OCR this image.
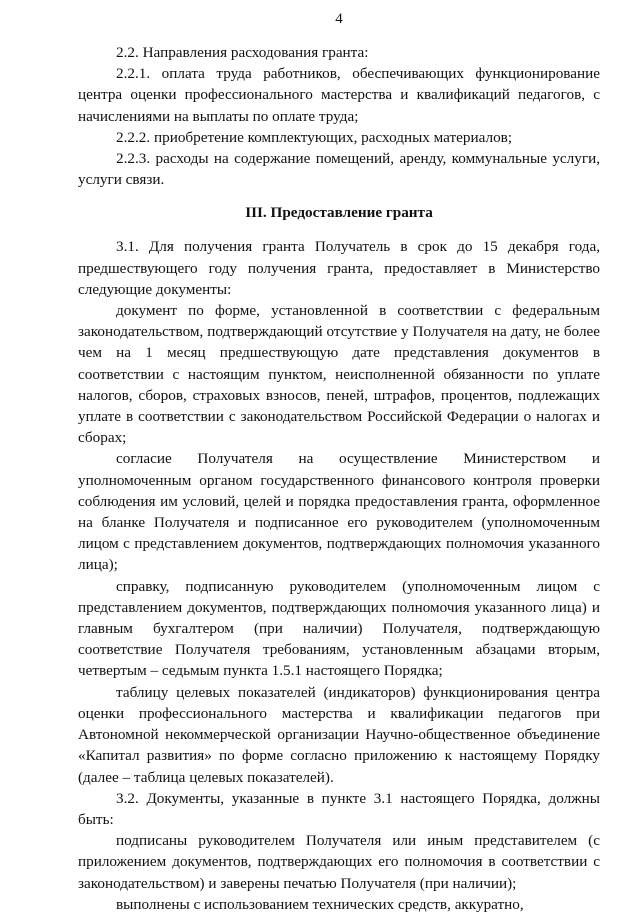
4

2.2. Направления расходования гранта:

2.2.1. оплата труда работников, обеспечивающих функционирование центра оценки профессионального мастерства и квалификаций педагогов, с начислениями на выплаты по оплате труда;

2.2.2. приобретение комплектующих, расходных материалов;

2.2.3. расходы на содержание помещений, аренду, коммунальные услуги, услуги связи.

III. Предоставление гранта

3.1. Для получения гранта Получатель в срок до 15 декабря года, предшествующего году получения гранта, предоставляет в Министерство следующие документы:

документ по форме, установленной в соответствии с федеральным законодательством, подтверждающий отсутствие у Получателя на дату, не более чем на 1 месяц предшествующую дате представления документов в соответствии с настоящим пунктом, неисполненной обязанности по уплате налогов, сборов, страховых взносов, пеней, штрафов, процентов, подлежащих уплате в соответствии с законодательством Российской Федерации о налогах и сборах;

согласие Получателя на осуществление Министерством и уполномоченным органом государственного финансового контроля проверки соблюдения им условий, целей и порядка предоставления гранта, оформленное на бланке Получателя и подписанное его руководителем (уполномоченным лицом с представлением документов, подтверждающих полномочия указанного лица);

справку, подписанную руководителем (уполномоченным лицом с представлением документов, подтверждающих полномочия указанного лица) и главным бухгалтером (при наличии) Получателя, подтверждающую соответствие Получателя требованиям, установленным абзацами вторым, четвертым – седьмым пункта 1.5.1 настоящего Порядка;

таблицу целевых показателей (индикаторов) функционирования центра оценки профессионального мастерства и квалификации педагогов при Автономной некоммерческой организации Научно-общественное объединение «Капитал развития» по форме согласно приложению к настоящему Порядку (далее – таблица целевых показателей).

3.2. Документы, указанные в пункте 3.1 настоящего Порядка, должны быть:

подписаны руководителем Получателя или иным представителем (с приложением документов, подтверждающих его полномочия в соответствии с законодательством) и заверены печатью Получателя (при наличии);

выполнены с использованием технических средств, аккуратно,
